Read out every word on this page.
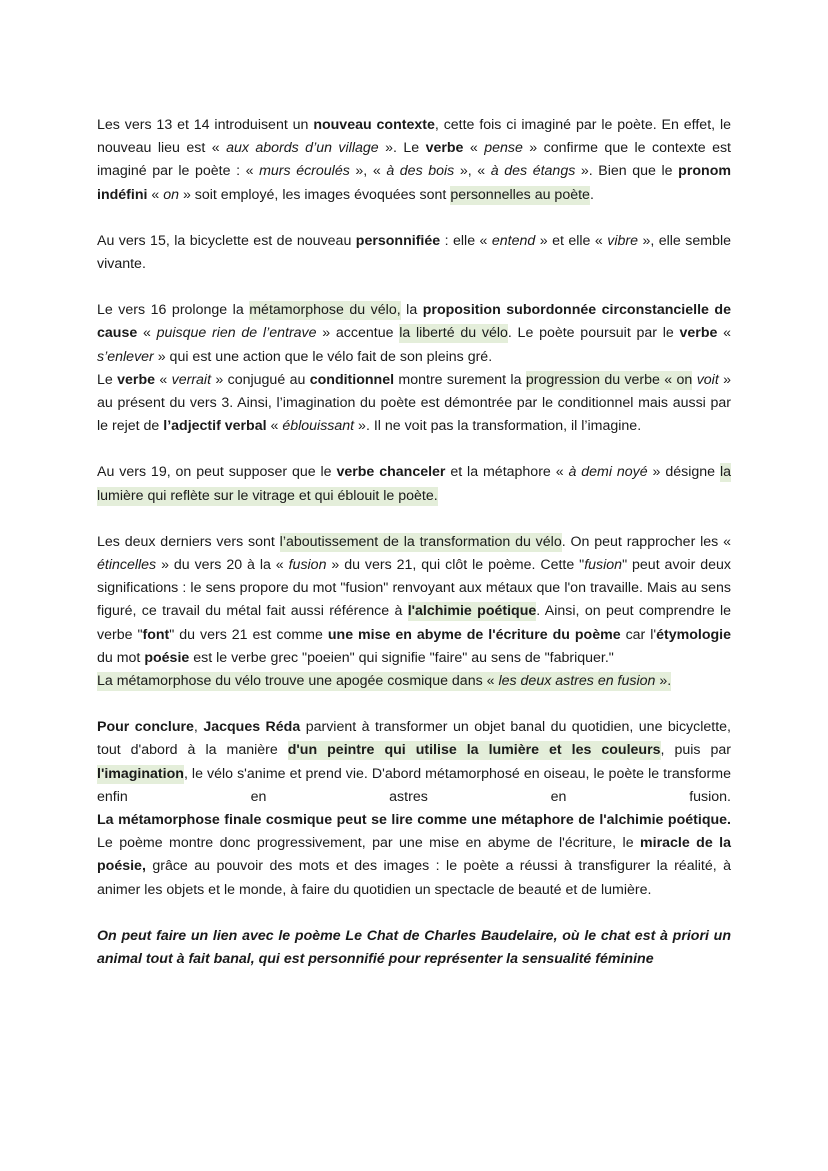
Les vers 13 et 14 introduisent un nouveau contexte, cette fois ci imaginé par le poète. En effet, le nouveau lieu est « aux abords d’un village ». Le verbe « pense » confirme que le contexte est imaginé par le poète : « murs écroulés », « à des bois », « à des étangs ». Bien que le pronom indéfini « on » soit employé, les images évoquées sont personnelles au poète.

Au vers 15, la bicyclette est de nouveau personnifiée : elle « entend » et elle « vibre », elle semble vivante.

Le vers 16 prolonge la métamorphose du vélo, la proposition subordonnée circonstancielle de cause « puisque rien de l’entrave » accentue la liberté du vélo. Le poète poursuit par le verbe « s’enlever » qui est une action que le vélo fait de son pleins gré.

Le verbe « verrait » conjugué au conditionnel montre surement la progression du verbe « on voit » au présent du vers 3. Ainsi, l’imagination du poète est démontrée par le conditionnel mais aussi par le rejet de l’adjectif verbal « éblouissant ». Il ne voit pas la transformation, il l’imagine.

Au vers 19, on peut supposer que le verbe chanceler et la métaphore « à demi noyé » désigne la lumière qui reflète sur le vitrage et qui éblouit le poète.

Les deux derniers vers sont l’aboutissement de la transformation du vélo. On peut rapprocher les « étincelles » du vers 20 à la « fusion » du vers 21, qui clôt le poème. Cette "fusion" peut avoir deux significations : le sens propore du mot "fusion" renvoyant aux métaux que l'on travaille. Mais au sens figuré, ce travail du métal fait aussi référence à l'alchimie poétique. Ainsi, on peut comprendre le verbe "font" du vers 21 est comme une mise en abyme de l'écriture du poème car l'étymologie du mot poésie est le verbe grec "poeien" qui signifie "faire" au sens de "fabriquer."

La métamorphose du vélo trouve une apogée cosmique dans « les deux astres en fusion ».

Pour conclure, Jacques Réda parvient à transformer un objet banal du quotidien, une bicyclette, tout d'abord à la manière d'un peintre qui utilise la lumière et les couleurs, puis par l'imagination, le vélo s'anime et prend vie. D'abord métamorphosé en oiseau, le poète le transforme enfin en astres en fusion.

La métamorphose finale cosmique peut se lire comme une métaphore de l'alchimie poétique. Le poème montre donc progressivement, par une mise en abyme de l'écriture, le miracle de la poésie, grâce au pouvoir des mots et des images : le poète a réussi à transfigurer la réalité, à animer les objets et le monde, à faire du quotidien un spectacle de beauté et de lumière.

On peut faire un lien avec le poème Le Chat de Charles Baudelaire, où le chat est à priori un animal tout à fait banal, qui est personnifié pour représenter la sensualité féminine
